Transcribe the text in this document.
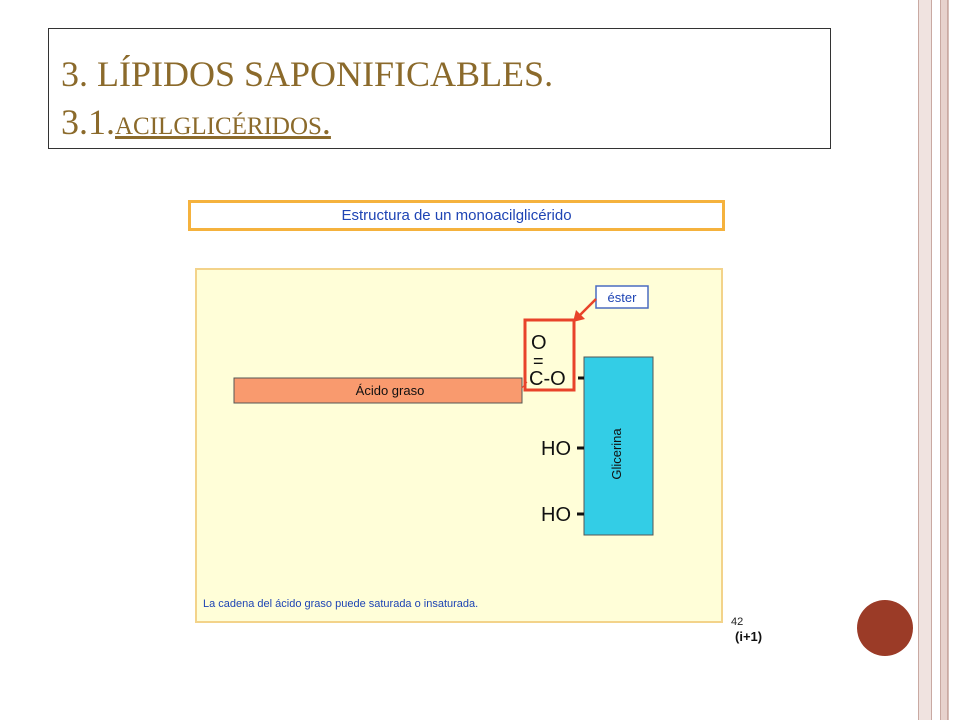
3. LÍPIDOS SAPONIFICABLES.
3.1.acilglicéridos.
Estructura de un monoacilglicérido
Ácido graso
O
=
C-O
éster
Glicerina
HO
HO
La cadena del ácido graso puede saturada o insaturada.
42
(i+1)
